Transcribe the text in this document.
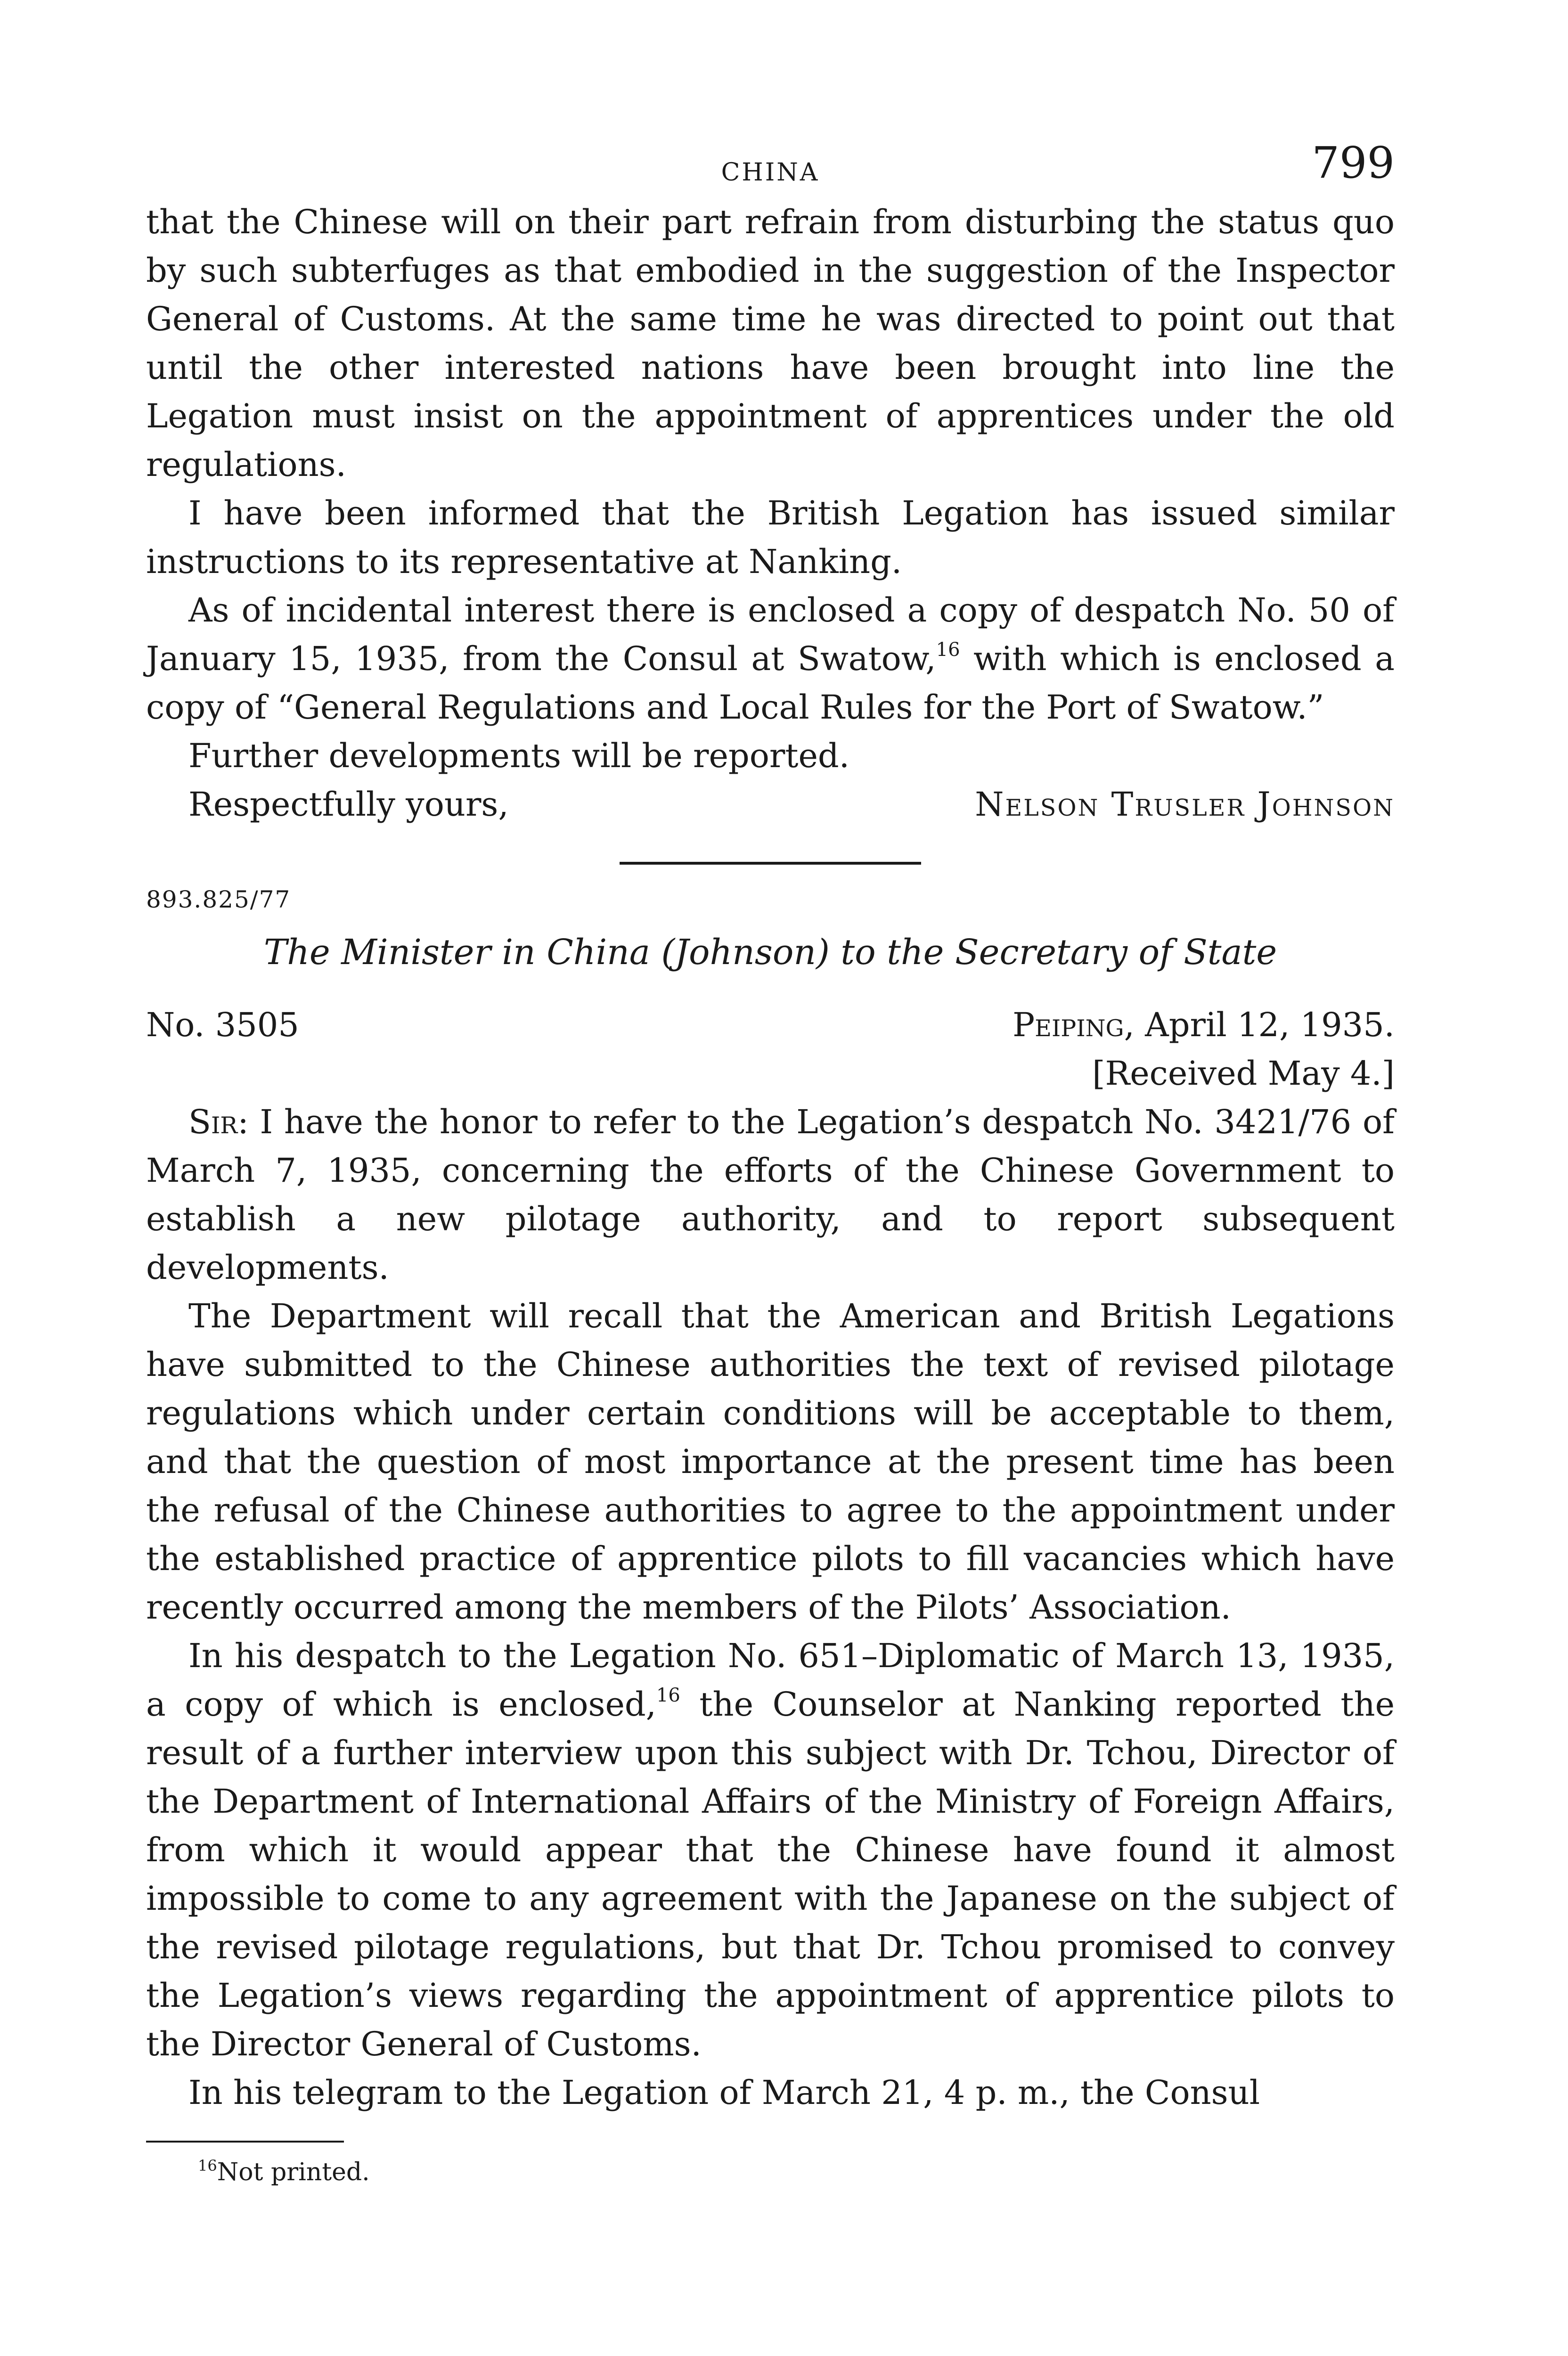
CHINA	799

that the Chinese will on their part refrain from disturbing the status quo by such subterfuges as that embodied in the suggestion of the Inspector General of Customs. At the same time he was directed to point out that until the other interested nations have been brought into line the Legation must insist on the appointment of apprentices under the old regulations.

I have been informed that the British Legation has issued similar instructions to its representative at Nanking.

As of incidental interest there is enclosed a copy of despatch No. 50 of January 15, 1935, from the Consul at Swatow,$^{16}$ with which is enclosed a copy of “General Regulations and Local Rules for the Port of Swatow.”

Further developments will be reported.

Respectfully yours,	Nelson Trusler Johnson
893.825/77
The Minister in China (Johnson) to the Secretary of State
No. 3505	Peiping, April 12, 1935.
[Received May 4.]

Sir: I have the honor to refer to the Legation’s despatch No. 3421/76 of March 7, 1935, concerning the efforts of the Chinese Government to establish a new pilotage authority, and to report subsequent developments.

The Department will recall that the American and British Legations have submitted to the Chinese authorities the text of revised pilotage regulations which under certain conditions will be acceptable to them, and that the question of most importance at the present time has been the refusal of the Chinese authorities to agree to the appointment under the established practice of apprentice pilots to fill vacancies which have recently occurred among the members of the Pilots’ Association.

In his despatch to the Legation No. 651–Diplomatic of March 13, 1935, a copy of which is enclosed,$^{16}$ the Counselor at Nanking reported the result of a further interview upon this subject with Dr. Tchou, Director of the Department of International Affairs of the Ministry of Foreign Affairs, from which it would appear that the Chinese have found it almost impossible to come to any agreement with the Japanese on the subject of the revised pilotage regulations, but that Dr. Tchou promised to convey the Legation’s views regarding the appointment of apprentice pilots to the Director General of Customs.

In his telegram to the Legation of March 21, 4 p. m., the Consul

$^{16}$Not printed.
